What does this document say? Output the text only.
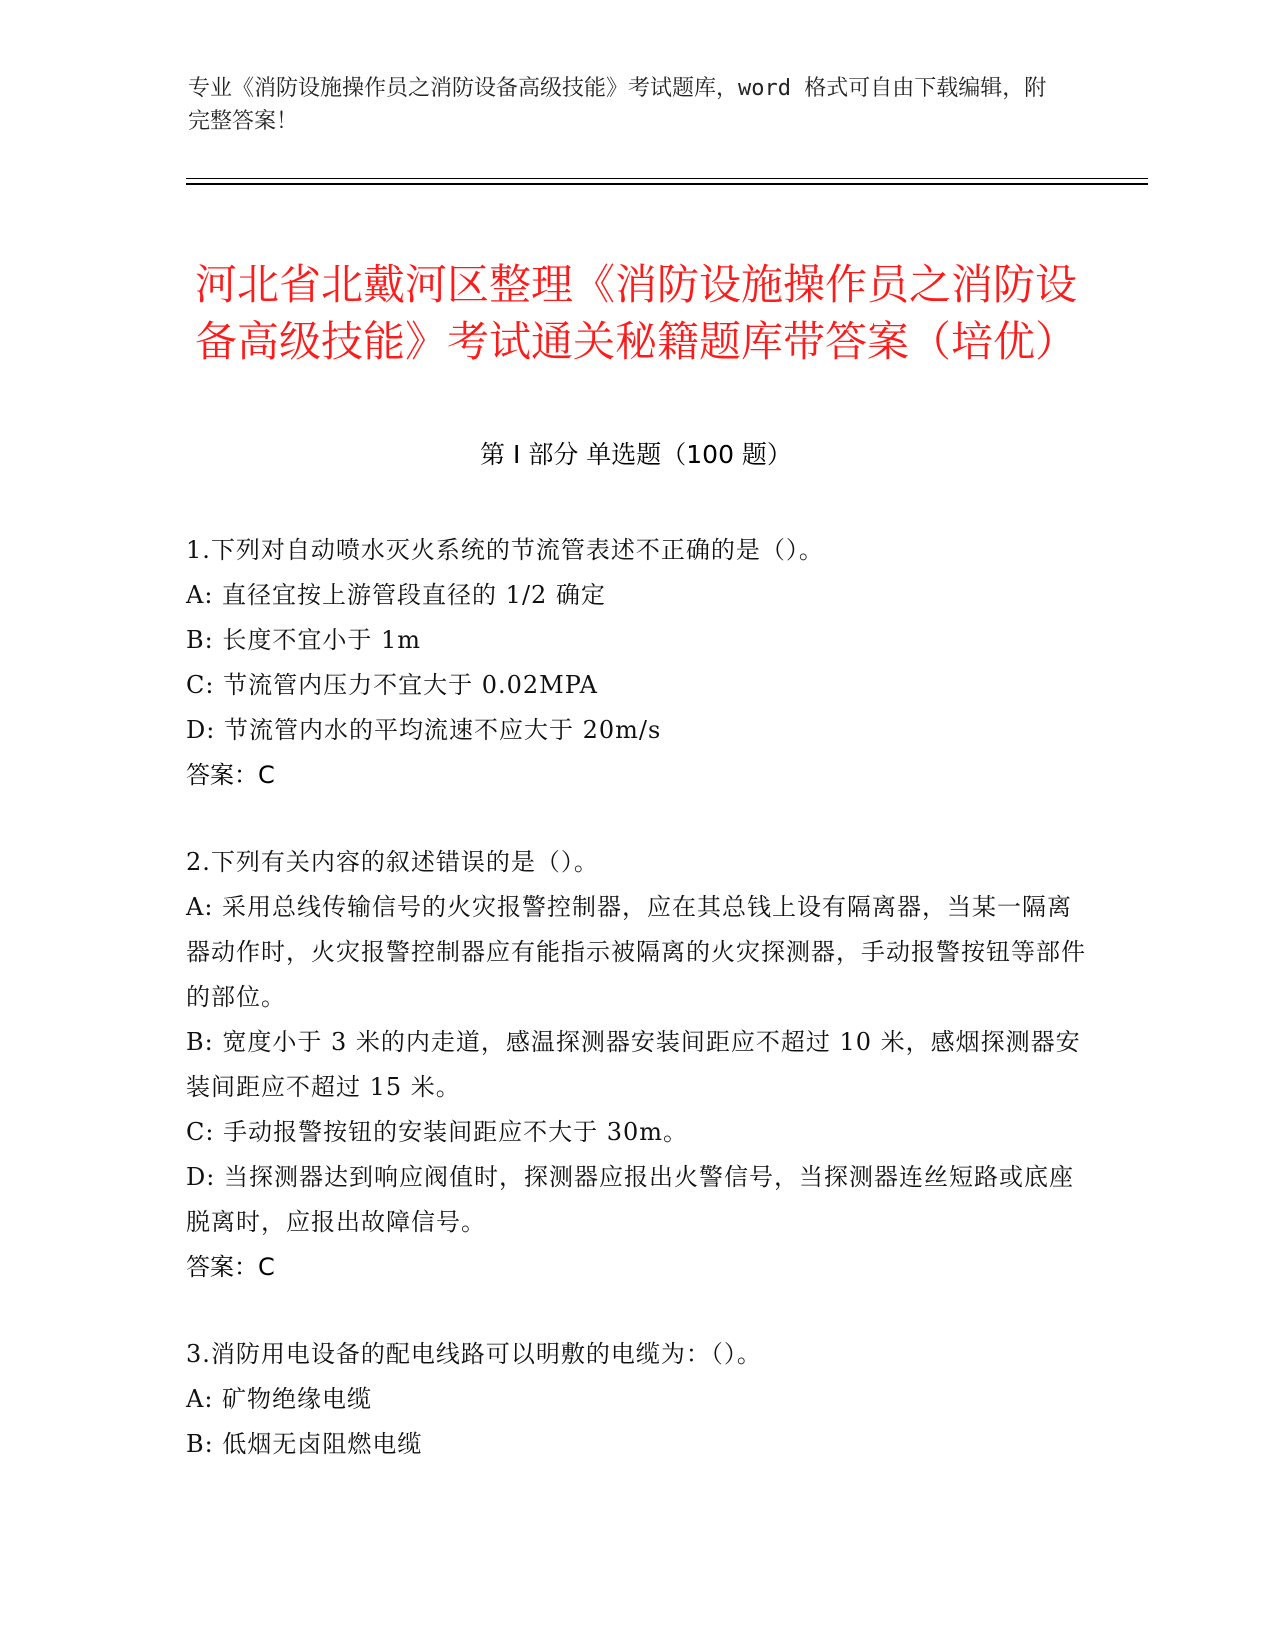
专业《消防设施操作员之消防设备高级技能》考试题库，word 格式可自由下载编辑，附完整答案！
河北省北戴河区整理《消防设施操作员之消防设备高级技能》考试通关秘籍题库带答案（培优）
第 I 部分 单选题（100 题）

1.下列对自动喷水灭火系统的节流管表述不正确的是（）。

A: 直径宜按上游管段直径的 1/2 确定

B: 长度不宜小于 1m

C: 节流管内压力不宜大于 0.02MPA

D: 节流管内水的平均流速不应大于 20m/s

答案：C

2.下列有关内容的叙述错误的是（）。

A: 采用总线传输信号的火灾报警控制器，应在其总钱上设有隔离器，当某一隔离器动作时，火灾报警控制器应有能指示被隔离的火灾探测器，手动报警按钮等部件的部位。

B: 宽度小于 3 米的内走道，感温探测器安装间距应不超过 10 米，感烟探测器安装间距应不超过 15 米。

C: 手动报警按钮的安装间距应不大于 30m。

D: 当探测器达到响应阀值时，探测器应报出火警信号，当探测器连丝短路或底座脱离时，应报出故障信号。

答案：C

3.消防用电设备的配电线路可以明敷的电缆为：（）。

A: 矿物绝缘电缆

B: 低烟无卤阻燃电缆
